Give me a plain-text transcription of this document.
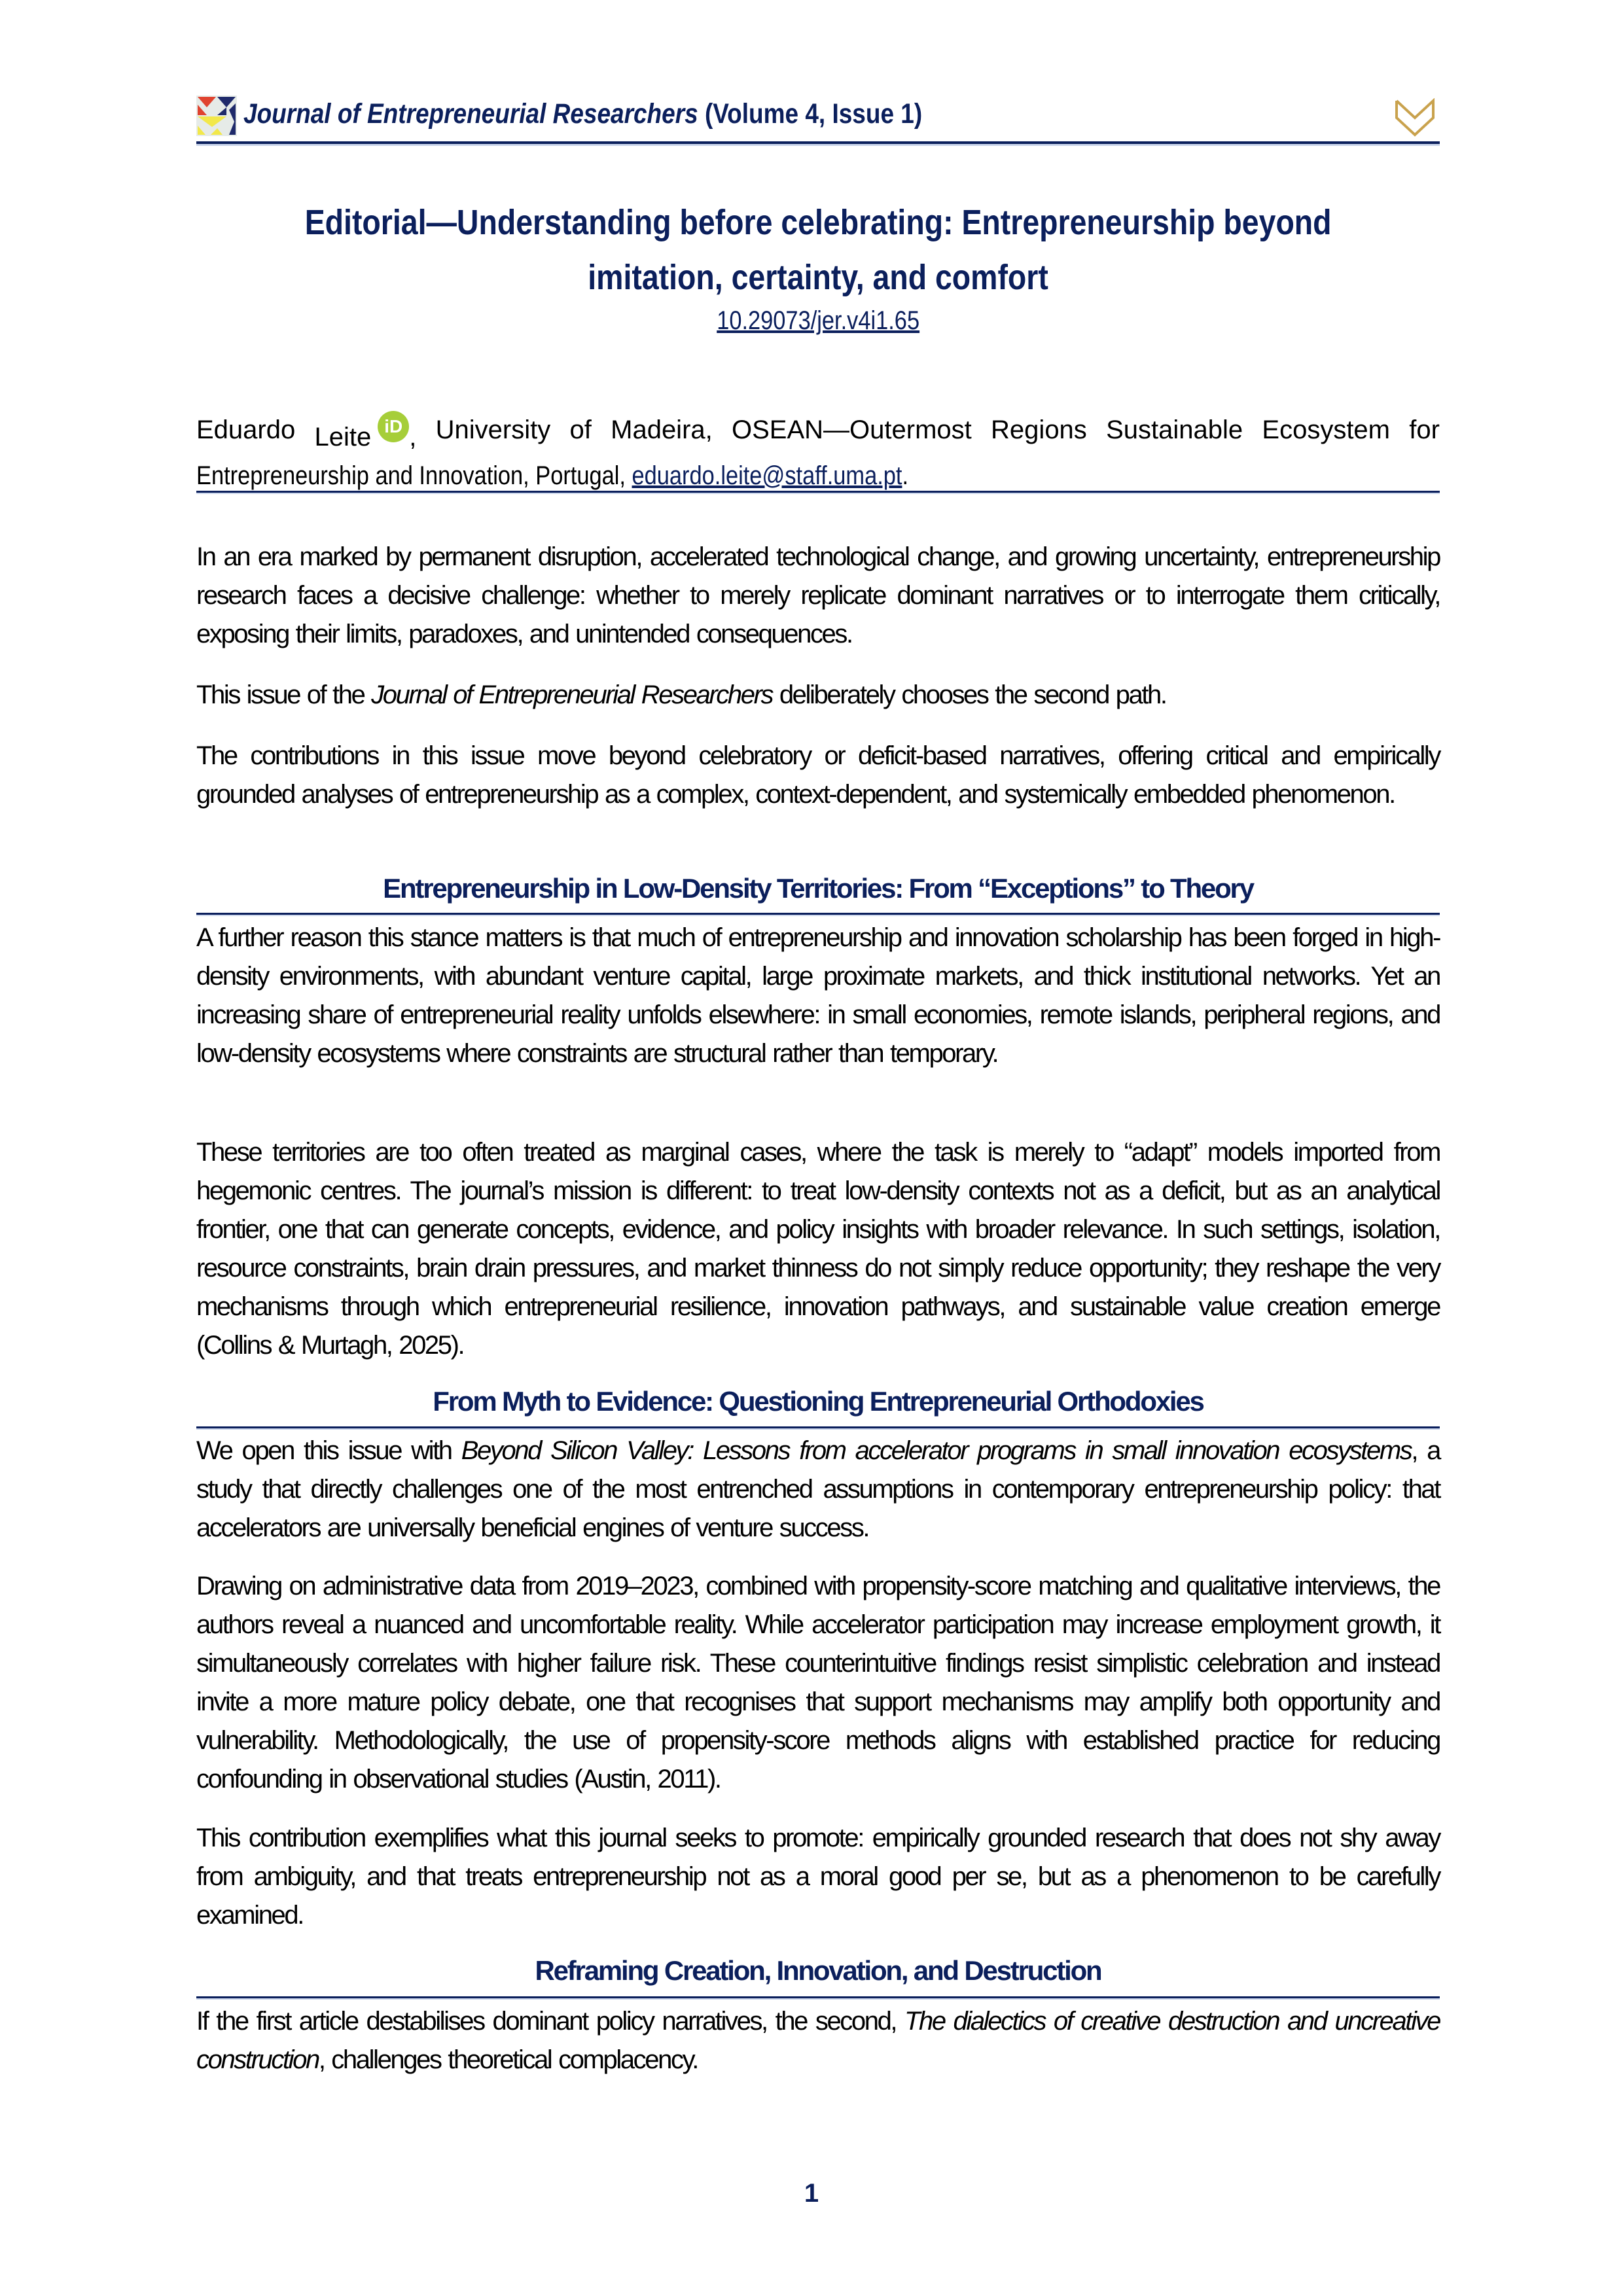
Journal of Entrepreneurial Researchers (Volume 4, Issue 1)
Editorial—Understanding before celebrating: Entrepreneurship beyond
imitation, certainty, and comfort
10.29073/jer.v4i1.65
Eduardo Leite iD , University of Madeira, OSEAN—Outermost Regions Sustainable Ecosystem for
Entrepreneurship and Innovation, Portugal, eduardo.leite@staff.uma.pt.

In an era marked by permanent disruption, accelerated technological change, and growing uncertainty, entrepreneurship research faces a decisive challenge: whether to merely replicate dominant narratives or to interrogate them critically, exposing their limits, paradoxes, and unintended consequences.

This issue of the Journal of Entrepreneurial Researchers deliberately chooses the second path.

The contributions in this issue move beyond celebratory or deficit-based narratives, offering critical and empirically grounded analyses of entrepreneurship as a complex, context-dependent, and systemically embedded phenomenon.

Entrepreneurship in Low-Density Territories: From “Exceptions” to Theory

A further reason this stance matters is that much of entrepreneurship and innovation scholarship has been forged in high-density environments, with abundant venture capital, large proximate markets, and thick institutional networks. Yet an increasing share of entrepreneurial reality unfolds elsewhere: in small economies, remote islands, peripheral regions, and low-density ecosystems where constraints are structural rather than temporary.

These territories are too often treated as marginal cases, where the task is merely to “adapt” models imported from hegemonic centres. The journal’s mission is different: to treat low-density contexts not as a deficit, but as an analytical frontier, one that can generate concepts, evidence, and policy insights with broader relevance. In such settings, isolation, resource constraints, brain drain pressures, and market thinness do not simply reduce opportunity; they reshape the very mechanisms through which entrepreneurial resilience, innovation pathways, and sustainable value creation emerge (Collins & Murtagh, 2025).

From Myth to Evidence: Questioning Entrepreneurial Orthodoxies

We open this issue with Beyond Silicon Valley: Lessons from accelerator programs in small innovation ecosystems, a study that directly challenges one of the most entrenched assumptions in contemporary entrepreneurship policy: that accelerators are universally beneficial engines of venture success.

Drawing on administrative data from 2019–2023, combined with propensity-score matching and qualitative interviews, the authors reveal a nuanced and uncomfortable reality. While accelerator participation may increase employment growth, it simultaneously correlates with higher failure risk. These counterintuitive findings resist simplistic celebration and instead invite a more mature policy debate, one that recognises that support mechanisms may amplify both opportunity and vulnerability. Methodologically, the use of propensity-score methods aligns with established practice for reducing confounding in observational studies (Austin, 2011).

This contribution exemplifies what this journal seeks to promote: empirically grounded research that does not shy away from ambiguity, and that treats entrepreneurship not as a moral good per se, but as a phenomenon to be carefully examined.

Reframing Creation, Innovation, and Destruction

If the first article destabilises dominant policy narratives, the second, The dialectics of creative destruction and uncreative construction, challenges theoretical complacency.

1
